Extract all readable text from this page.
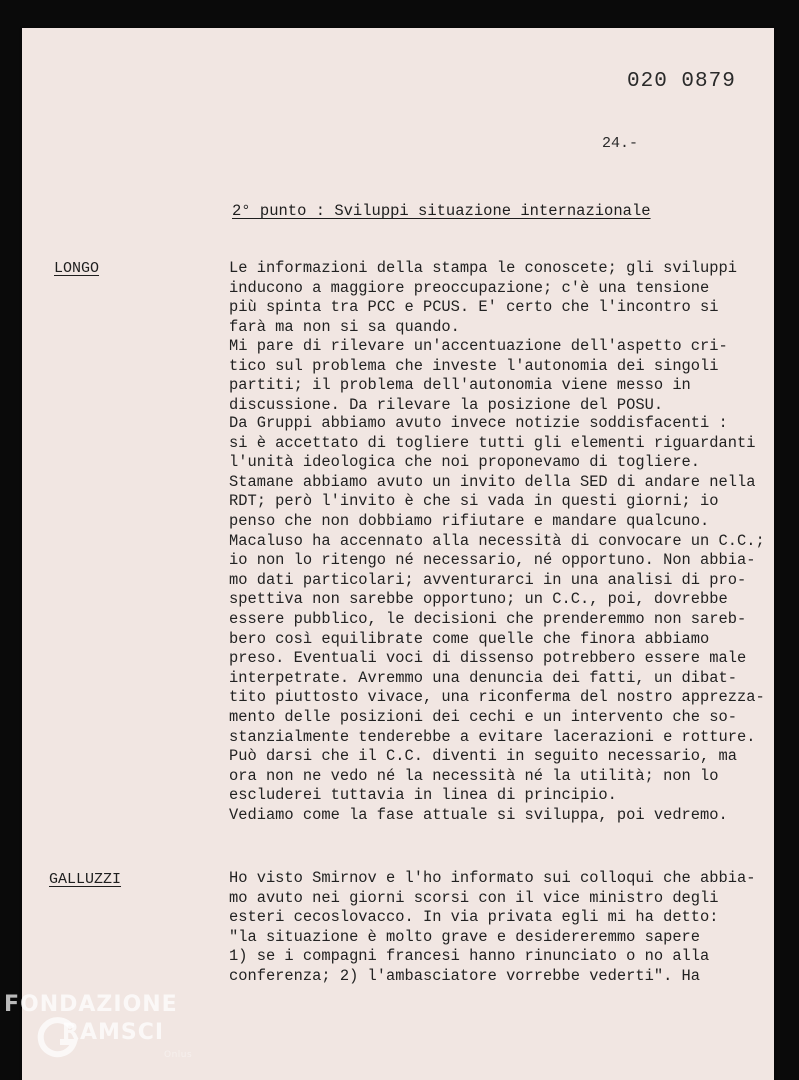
020 0879
24.-
2° punto : Sviluppi situazione internazionale
LONGO	Le informazioni della stampa le conoscete; gli sviluppi
inducono a maggiore preoccupazione; c'è una tensione
più spinta tra PCC e PCUS. E' certo che l'incontro si
farà ma non si sa quando.

Mi pare di rilevare un'accentuazione dell'aspetto cri-
tico sul problema che investe l'autonomia dei singoli
partiti; il problema dell'autonomia viene messo in
discussione. Da rilevare la posizione del POSU.

Da Gruppi abbiamo avuto invece notizie soddisfacenti :
si è accettato di togliere tutti gli elementi riguardanti
l'unità ideologica che noi proponevamo di togliere.
Stamane abbiamo avuto un invito della SED di andare nella
RDT; però l'invito è che si vada in questi giorni; io
penso che non dobbiamo rifiutare e mandare qualcuno.
Macaluso ha accennato alla necessità di convocare un C.C.;
io non lo ritengo né necessario, né opportuno. Non abbia-
mo dati particolari; avventurarci in una analisi di pro-
spettiva non sarebbe opportuno; un C.C., poi, dovrebbe
essere pubblico, le decisioni che prenderemmo non sareb-
bero così equilibrate come quelle che finora abbiamo
preso. Eventuali voci di dissenso potrebbero essere male
interpetrate. Avremmo una denuncia dei fatti, un dibat-
tito piuttosto vivace, una riconferma del nostro apprezza-
mento delle posizioni dei cechi e un intervento che so-
stanzialmente tenderebbe a evitare lacerazioni e rotture.
Può darsi che il C.C. diventi in seguito necessario, ma
ora non ne vedo né la necessità né la utilità; non lo
escluderei tuttavia in linea di principio.
Vediamo come la fase attuale si sviluppa, poi vedremo.

GALLUZZI	Ho visto Smirnov e l'ho informato sui colloqui che abbia-
mo avuto nei giorni scorsi con il vice ministro degli
esteri cecoslovacco. In via privata egli mi ha detto:
"la situazione è molto grave e desidereremmo sapere
1) se i compagni francesi hanno rinunciato o no alla
conferenza; 2) l'ambasciatore vorrebbe vederti". Ha

FONDAZIONE
RAMSCI
Onlus
